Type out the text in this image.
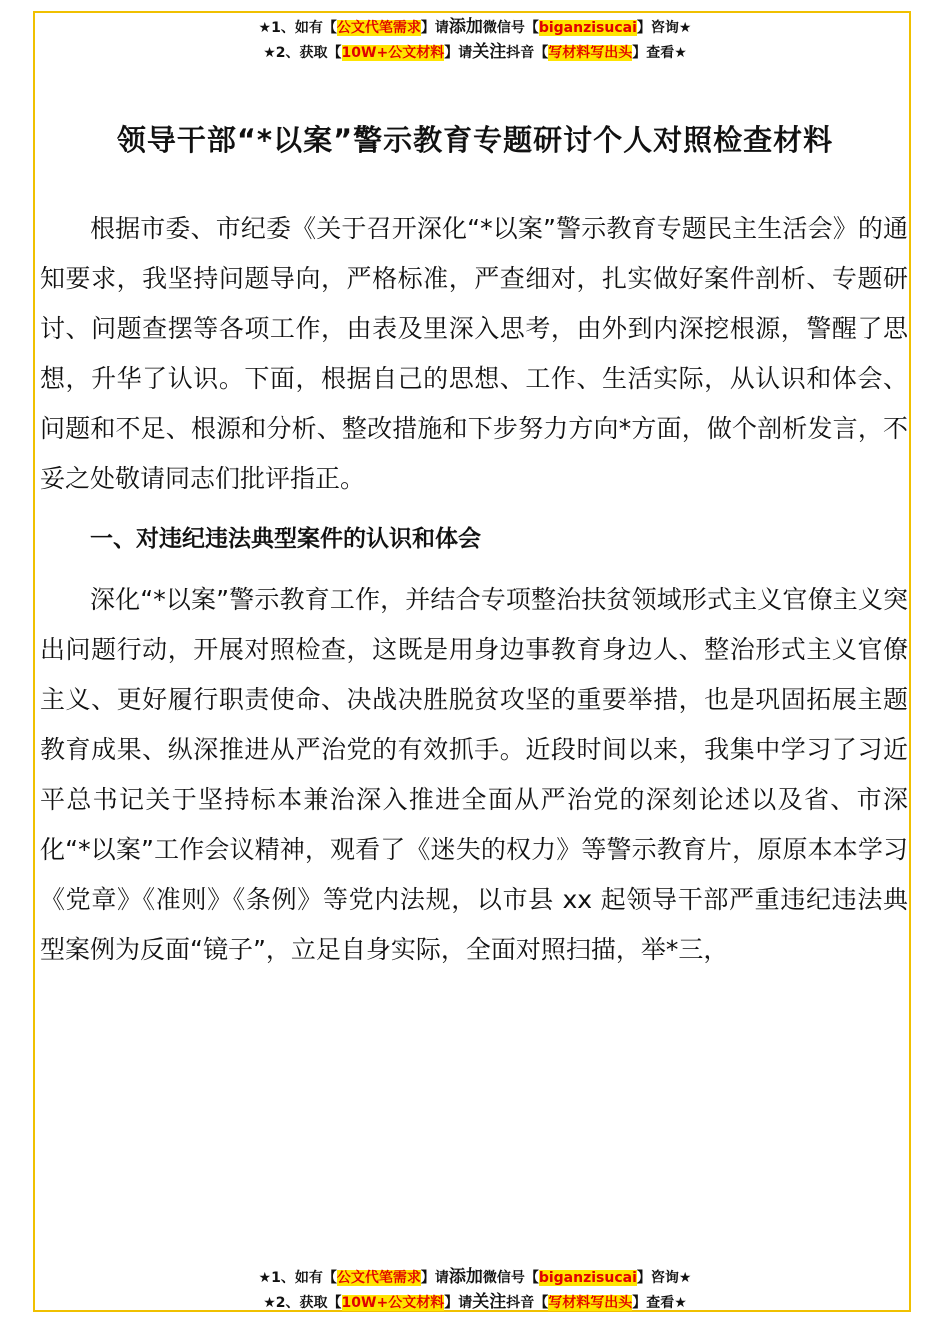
★1、如有【公文代笔需求】请添加微信号【biganzisucai】咨询★
★2、获取【10W+公文材料】请关注抖音【写材料写出头】查看★
领导干部“*以案”警示教育专题研讨个人对照检查材料

根据市委、市纪委《关于召开深化“*以案”警示教育专题民主生活会》的通知要求，我坚持问题导向，严格标准，严查细对，扎实做好案件剖析、专题研讨、问题查摆等各项工作，由表及里深入思考，由外到内深挖根源，警醒了思想，升华了认识。下面，根据自己的思想、工作、生活实际，从认识和体会、问题和不足、根源和分析、整改措施和下步努力方向*方面，做个剖析发言，不妥之处敬请同志们批评指正。

一、对违纪违法典型案件的认识和体会

深化“*以案”警示教育工作，并结合专项整治扶贫领域形式主义官僚主义突出问题行动，开展对照检查，这既是用身边事教育身边人、整治形式主义官僚主义、更好履行职责使命、决战决胜脱贫攻坚的重要举措，也是巩固拓展主题教育成果、纵深推进从严治党的有效抓手。近段时间以来，我集中学习了习近平总书记关于坚持标本兼治深入推进全面从严治党的深刻论述以及省、市深化“*以案”工作会议精神，观看了《迷失的权力》等警示教育片，原原本本学习《党章》《准则》《条例》等党内法规，以市县 xx 起领导干部严重违纪违法典型案例为反面“镜子”，立足自身实际，全面对照扫描，举*三，

★1、如有【公文代笔需求】请添加微信号【biganzisucai】咨询★
★2、获取【10W+公文材料】请关注抖音【写材料写出头】查看★
